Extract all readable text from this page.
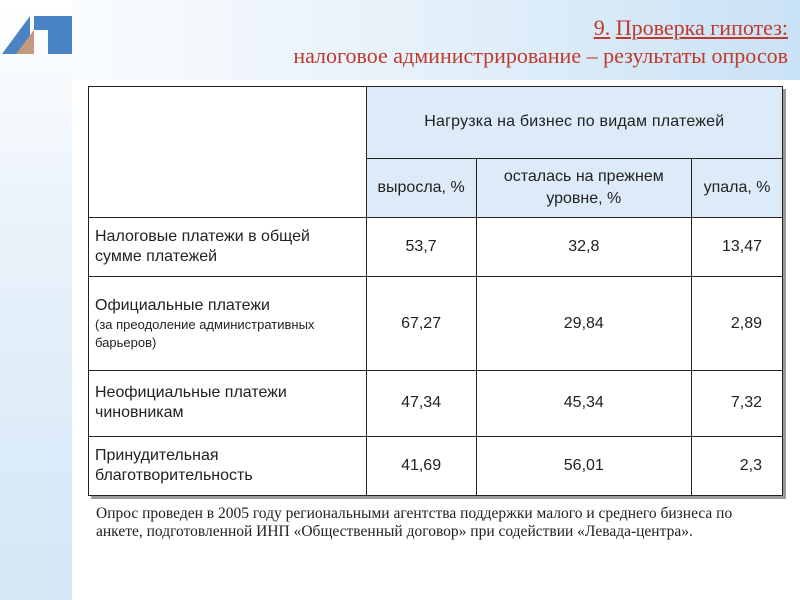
9. Проверка гипотез:
налоговое администрирование – результаты опросов
	Нагрузка на бизнес по видам платежей		
	выросла, %	осталась на прежнем уровне, %	упала, %
Налоговые платежи в общей сумме платежей	53,7	32,8	13,47
Официальные платежи
(за преодоление административных барьеров)	67,27	29,84	2,89
Неофициальные платежи чиновникам	47,34	45,34	7,32
Принудительная благотворительность	41,69	56,01	2,3
Опрос проведен в 2005 году региональными агентства поддержки малого и среднего бизнеса по анкете, подготовленной ИНП «Общественный договор» при содействии «Левада-центра».
